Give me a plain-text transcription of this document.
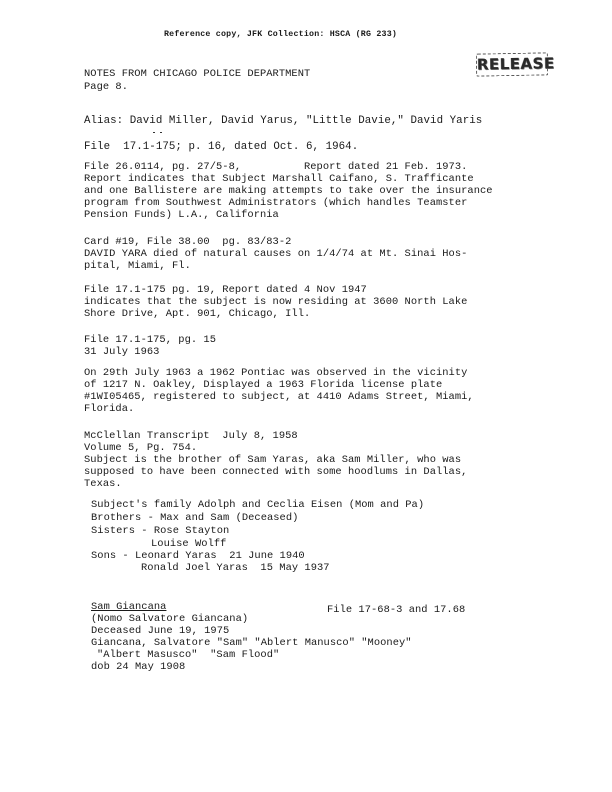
Reference copy, JFK Collection: HSCA (RG 233)
RELEASE
NOTES FROM CHICAGO POLICE DEPARTMENT
Page 8.
Alias: David Miller, David Yarus, "Little Davie," David Yaris
File  17.1-175; p. 16, dated Oct. 6, 1964.
File 26.0114, pg. 27/5-8,          Report dated 21 Feb. 1973.
Report indicates that Subject Marshall Caifano, S. Trafficante
and one Ballistere are making attempts to take over the insurance
program from Southwest Administrators (which handles Teamster
Pension Funds) L.A., California
Card #19, File 38.00  pg. 83/83-2
DAVID YARA died of natural causes on 1/4/74 at Mt. Sinai Hos-
pital, Miami, Fl.
File 17.1-175 pg. 19, Report dated 4 Nov 1947
indicates that the subject is now residing at 3600 North Lake
Shore Drive, Apt. 901, Chicago, Ill.
File 17.1-175, pg. 15
31 July 1963
On 29th July 1963 a 1962 Pontiac was observed in the vicinity
of 1217 N. Oakley, Displayed a 1963 Florida license plate
#1WI05465, registered to subject, at 4410 Adams Street, Miami,
Florida.
McClellan Transcript  July 8, 1958
Volume 5, Pg. 754.
Subject is the brother of Sam Yaras, aka Sam Miller, who was
supposed to have been connected with some hoodlums in Dallas,
Texas.
Subject's family Adolph and Ceclia Eisen (Mom and Pa)
Brothers - Max and Sam (Deceased)
Sisters - Rose Stayton
Louise Wolff
Sons - Leonard Yaras  21 June 1940
Ronald Joel Yaras  15 May 1937
Sam Giancana
(Nomo Salvatore Giancana)
File 17-68-3 and 17.68
Deceased June 19, 1975
Giancana, Salvatore "Sam" "Ablert Manusco" "Mooney"
"Albert Masusco"  "Sam Flood"
dob 24 May 1908
